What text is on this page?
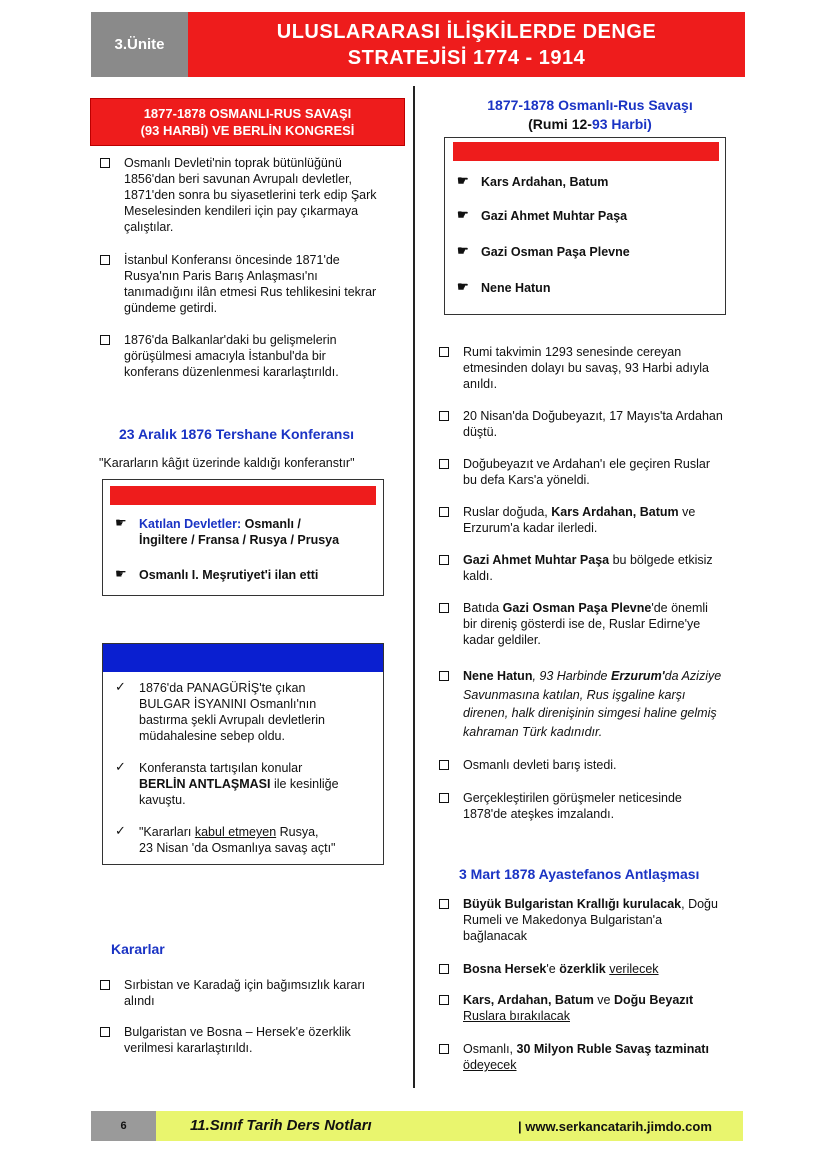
3.Ünite
ULUSLARARASI İLİŞKİLERDE DENGE
STRATEJİSİ 1774 - 1914
1877-1878 OSMANLI-RUS SAVAŞI
(93 HARBİ) VE BERLİN KONGRESİ
Osmanlı Devleti'nin toprak bütünlüğünü 1856'dan beri savunan Avrupalı devletler, 1871'den sonra bu siyasetlerini terk edip Şark Meselesinden kendileri için pay çıkarmaya çalıştılar.
İstanbul Konferansı öncesinde 1871'de Rusya'nın Paris Barış Anlaşması'nı tanımadığını ilân etmesi Rus tehlikesini tekrar gündeme getirdi.
1876'da Balkanlar'daki bu gelişmelerin görüşülmesi amacıyla İstanbul'da bir konferans düzenlenmesi kararlaştırıldı.
23 Aralık 1876 Tershane Konferansı
"Kararların kâğıt üzerinde kaldığı konferanstır"
☛ Katılan Devletler: Osmanlı /
İngiltere / Fransa / Rusya / Prusya
☛ Osmanlı I. Meşrutiyet'i ilan etti
✓ 1876'da PANAGÜRİŞ'te çıkan
BULGAR İSYANINI Osmanlı'nın
bastırma şekli Avrupalı devletlerin
müdahalesine sebep oldu.
✓ Konferansta tartışılan konular
BERLİN ANTLAŞMASI ile kesinliğe
kavuştu.
✓ "Kararları kabul etmeyen Rusya,
23 Nisan 'da Osmanlıya savaş açtı"
Kararlar
Sırbistan ve Karadağ için bağımsızlık kararı alındı
Bulgaristan ve Bosna – Hersek'e özerklik verilmesi kararlaştırıldı.
1877-1878 Osmanlı-Rus Savaşı
(Rumi 12-93 Harbi)
☛ Kars Ardahan, Batum
☛ Gazi Ahmet Muhtar Paşa
☛ Gazi Osman Paşa Plevne
☛ Nene Hatun
Rumi takvimin 1293 senesinde cereyan etmesinden dolayı bu savaş, 93 Harbi adıyla anıldı.
20 Nisan'da Doğubeyazıt, 17 Mayıs'ta Ardahan düştü.
Doğubeyazıt ve Ardahan'ı ele geçiren Ruslar bu defa Kars'a yöneldi.
Ruslar doğuda, Kars Ardahan, Batum ve Erzurum'a kadar ilerledi.
Gazi Ahmet Muhtar Paşa bu bölgede etkisiz kaldı.
Batıda Gazi Osman Paşa Plevne'de önemli bir direniş gösterdi ise de, Ruslar Edirne'ye kadar geldiler.
Nene Hatun, 93 Harbinde Erzurum'da Aziziye Savunmasına katılan, Rus işgaline karşı direnen, halk direnişinin simgesi haline gelmiş kahraman Türk kadınıdır.
Osmanlı devleti barış istedi.
Gerçekleştirilen görüşmeler neticesinde 1878'de ateşkes imzalandı.
3 Mart 1878 Ayastefanos Antlaşması
Büyük Bulgaristan Krallığı kurulacak, Doğu Rumeli ve Makedonya Bulgaristan'a bağlanacak
Bosna Hersek'e özerklik verilecek
Kars, Ardahan, Batum ve Doğu Beyazıt
Ruslara bırakılacak
Osmanlı, 30 Milyon Ruble Savaş tazminatı ödeyecek
6	11.Sınıf Tarih Ders Notları	| www.serkancatarih.jimdo.com
